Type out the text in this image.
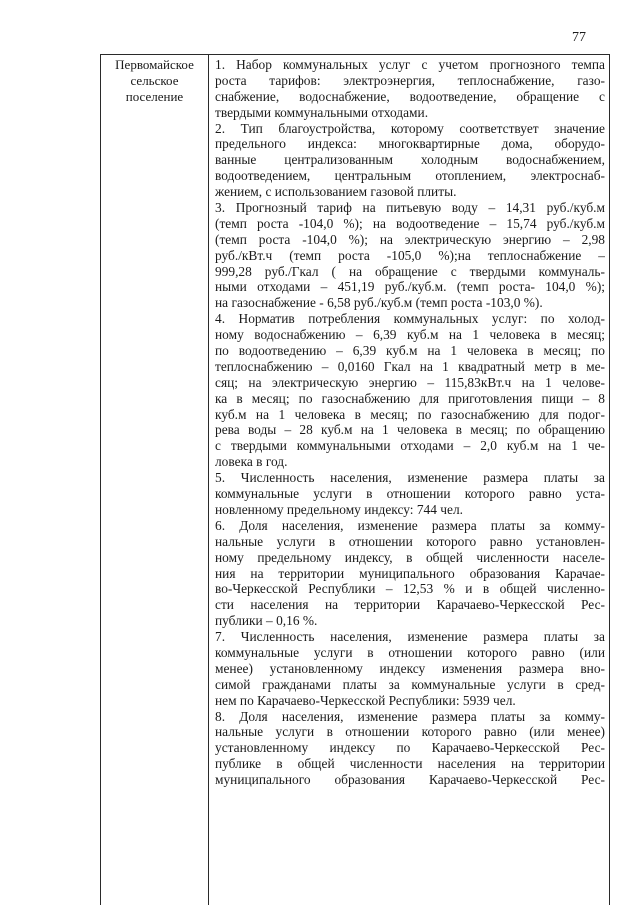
77
Первомайское
сельское
поселение

1. Набор коммунальных услуг с учетом прогнозного темпа
роста тарифов: электроэнергия, теплоснабжение, газо-
снабжение, водоснабжение, водоотведение, обращение с
твердыми коммунальными отходами.
2. Тип благоустройства, которому соответствует значение
предельного индекса: многоквартирные дома, оборудо-
ванные централизованным холодным водоснабжением,
водоотведением, центральным отоплением, электроснаб-
жением, с использованием газовой плиты.
3. Прогнозный тариф на питьевую воду – 14,31 руб./куб.м
(темп роста -104,0 %); на водоотведение – 15,74 руб./куб.м
(темп роста -104,0 %); на электрическую энергию – 2,98
руб./кВт.ч (темп роста -105,0 %);на теплоснабжение –
999,28 руб./Гкал ( на обращение с твердыми коммуналь-
ными отходами – 451,19 руб./куб.м. (темп роста- 104,0 %);
на газоснабжение - 6,58 руб./куб.м (темп роста -103,0 %).
4. Норматив потребления коммунальных услуг: по холод-
ному водоснабжению – 6,39 куб.м на 1 человека в месяц;
по водоотведению – 6,39 куб.м на 1 человека в месяц; по
теплоснабжению – 0,0160 Гкал на 1 квадратный метр в ме-
сяц; на электрическую энергию – 115,83кВт.ч на 1 челове-
ка в месяц; по газоснабжению для приготовления пищи – 8
куб.м на 1 человека в месяц; по газоснабжению для подог-
рева воды – 28 куб.м на 1 человека в месяц; по обращению
с твердыми коммунальными отходами – 2,0 куб.м на 1 че-
ловека в год.
5. Численность населения, изменение размера платы за
коммунальные услуги в отношении которого равно уста-
новленному предельному индексу: 744 чел.
6. Доля населения, изменение размера платы за комму-
нальные услуги в отношении которого равно установлен-
ному предельному индексу, в общей численности населе-
ния на территории муниципального образования Карачае-
во-Черкесской Республики – 12,53 % и в общей численно-
сти населения на территории Карачаево-Черкесской Рес-
публики – 0,16 %.
7. Численность населения, изменение размера платы за
коммунальные услуги в отношении которого равно (или
менее) установленному индексу изменения размера вно-
симой гражданами платы за коммунальные услуги в сред-
нем по Карачаево-Черкесской Республики: 5939 чел.
8. Доля населения, изменение размера платы за комму-
нальные услуги в отношении которого равно (или менее)
установленному индексу по Карачаево-Черкесской Рес-
публике в общей численности населения на территории
муниципального образования Карачаево-Черкесской Рес-
